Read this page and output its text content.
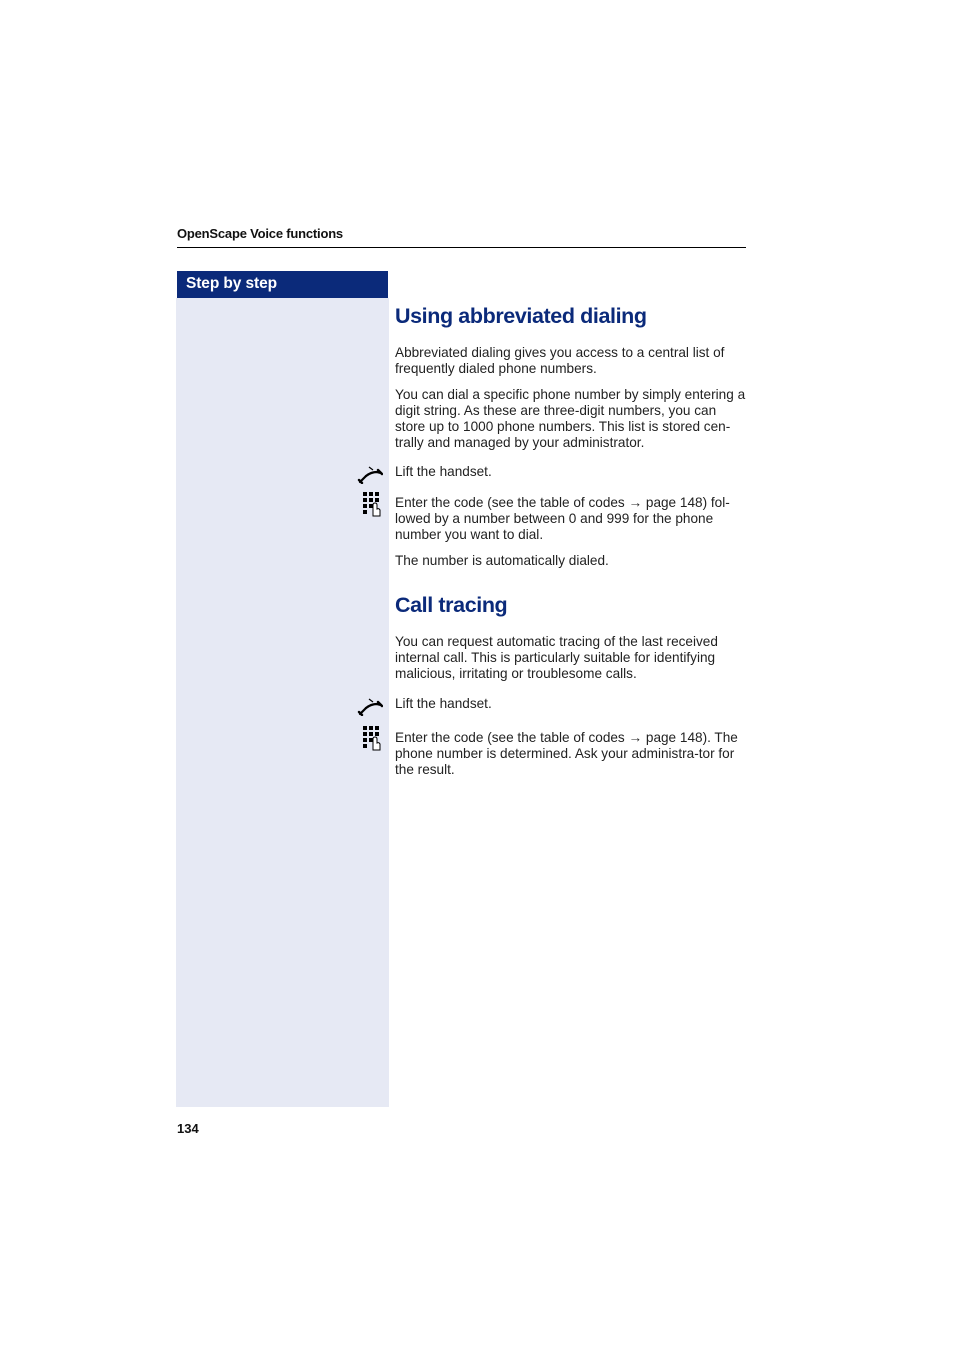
OpenScape Voice functions
Step by step
Using abbreviated dialing
Abbreviated dialing gives you access to a central list of frequently dialed phone numbers.
You can dial a specific phone number by simply entering a digit string. As these are three-digit numbers, you can store up to 1000 phone numbers. This list is stored cen-trally and managed by your administrator.
Lift the handset.
Enter the code (see the table of codes → page 148) fol-lowed by a number between 0 and 999 for the phone number you want to dial.
The number is automatically dialed.
Call tracing
You can request automatic tracing of the last received internal call. This is particularly suitable for identifying malicious, irritating or troublesome calls.
Lift the handset.
Enter the code (see the table of codes → page 148). The phone number is determined. Ask your administra-tor for the result.
134
